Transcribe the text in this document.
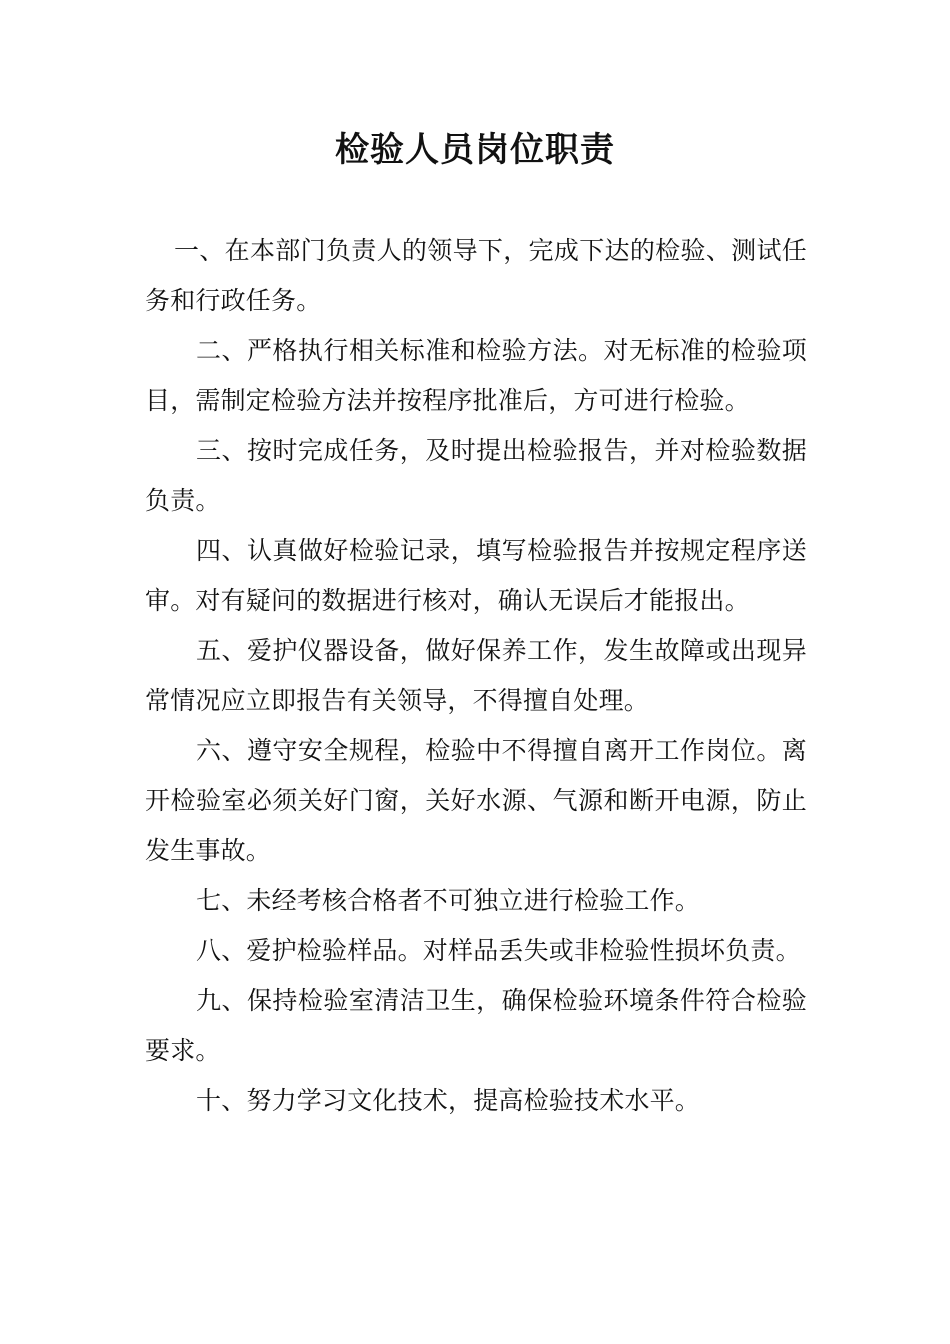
检验人员岗位职责

一、在本部门负责人的领导下，完成下达的检验、测试任务和行政任务。

二、严格执行相关标准和检验方法。对无标准的检验项目，需制定检验方法并按程序批准后，方可进行检验。

三、按时完成任务，及时提出检验报告，并对检验数据负责。

四、认真做好检验记录，填写检验报告并按规定程序送审。对有疑问的数据进行核对，确认无误后才能报出。

五、爱护仪器设备，做好保养工作，发生故障或出现异常情况应立即报告有关领导，不得擅自处理。

六、遵守安全规程，检验中不得擅自离开工作岗位。离开检验室必须关好门窗，关好水源、气源和断开电源，防止发生事故。

七、未经考核合格者不可独立进行检验工作。

八、爱护检验样品。对样品丢失或非检验性损坏负责。

九、保持检验室清洁卫生，确保检验环境条件符合检验要求。

十、努力学习文化技术，提高检验技术水平。
